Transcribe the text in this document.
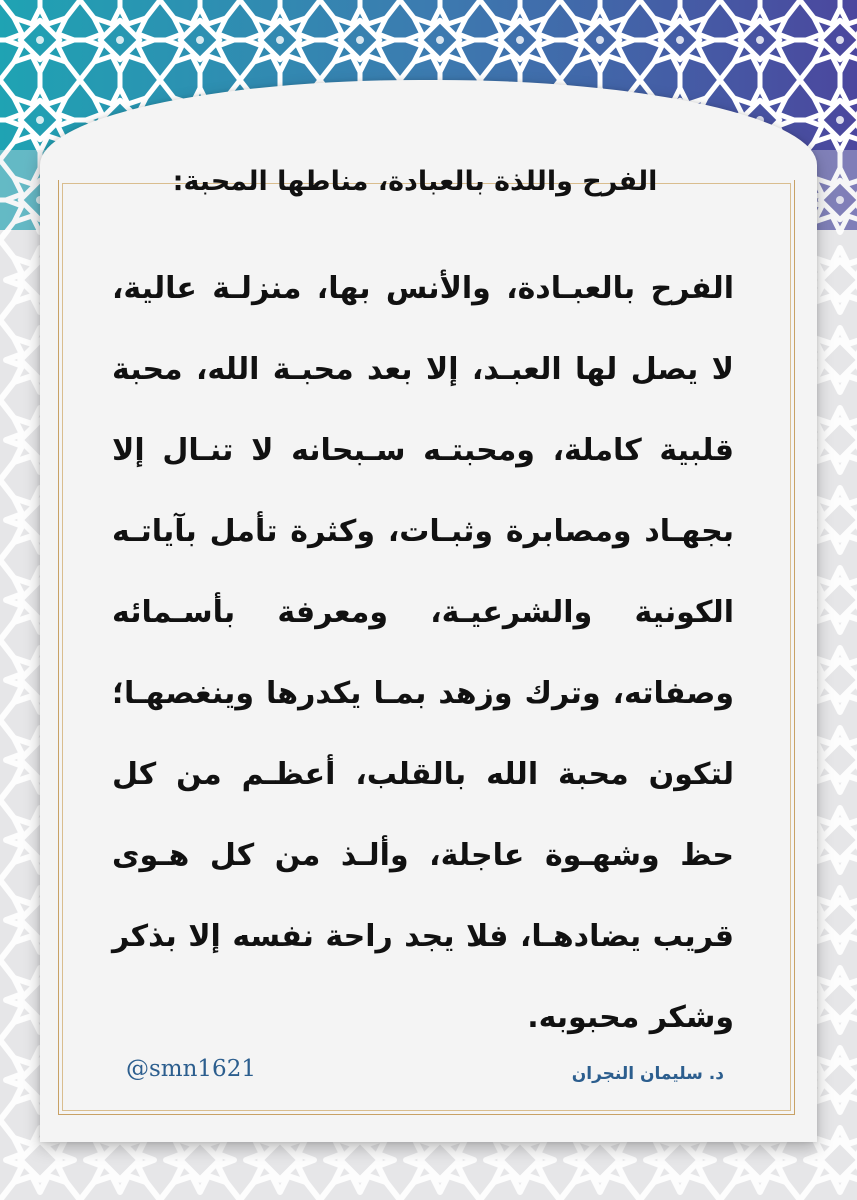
الفرح واللذة بالعبادة، مناطها المحبة:

الفرح بالعبـادة، والأنس بها، منزلـة عالية، لا يصل لها العبـد، إلا بعد محبـة الله، محبة قلبية كاملة، ومحبتـه سـبحانه لا تنـال إلا بجهـاد ومصابرة وثبـات، وكثرة تأمل بآياتـه الكونية والشرعيـة، ومعرفة بأسـمائه وصفاته، وترك وزهد بمـا يكدرها وينغصهـا؛ لتكون محبة الله بالقلب، أعظـم من كل حظ وشهـوة عاجلة، وألـذ من كل هـوى قريب يضادهـا، فلا يجد راحة نفسه إلا بذكر وشكر محبوبه.

@smn1621	د. سليمان النجران
